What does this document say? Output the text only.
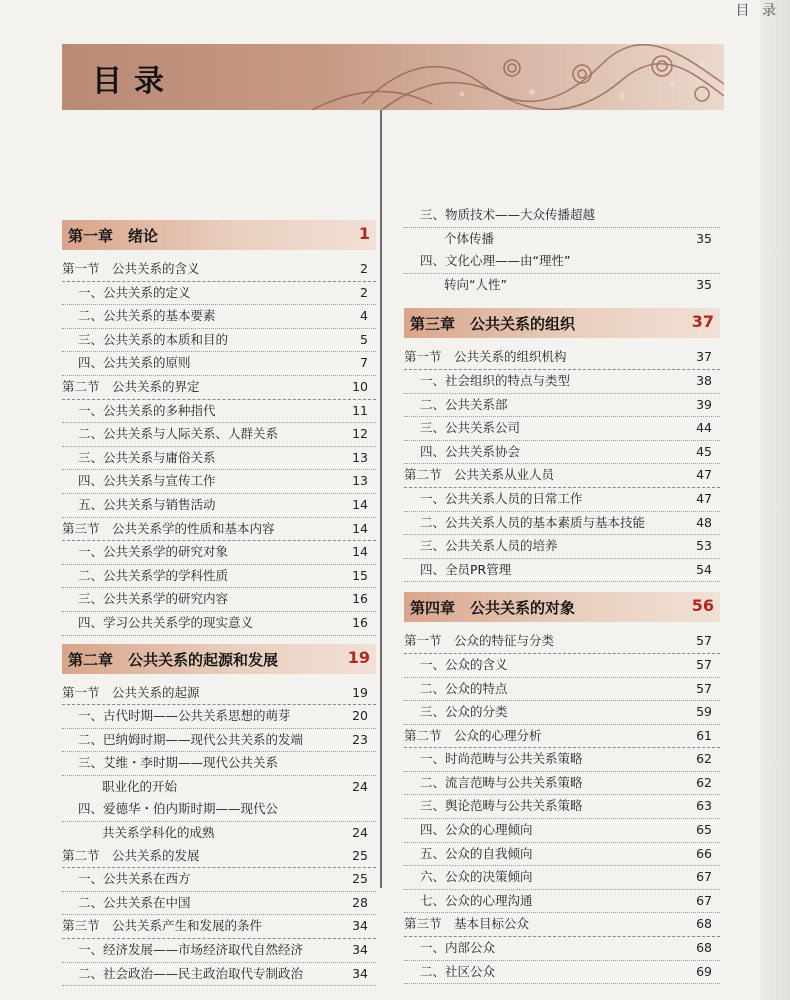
目 录
目录
第一章　绪论	1
第一节　公共关系的含义	2
一、公共关系的定义	2
二、公共关系的基本要素	4
三、公共关系的本质和目的	5
四、公共关系的原则	7
第二节　公共关系的界定	10
一、公共关系的多种指代	11
二、公共关系与人际关系、人群关系	12
三、公共关系与庸俗关系	13
四、公共关系与宣传工作	13
五、公共关系与销售活动	14
第三节　公共关系学的性质和基本内容	14
一、公共关系学的研究对象	14
二、公共关系学的学科性质	15
三、公共关系学的研究内容	16
四、学习公共关系学的现实意义	16
第二章　公共关系的起源和发展	19
第一节　公共关系的起源	19
一、古代时期——公共关系思想的萌芽	20
二、巴纳姆时期——现代公共关系的发端	23
三、艾维・李时期——现代公共关系
职业化的开始	24
四、爱德华・伯内斯时期——现代公
共关系学科化的成熟	24
第二节　公共关系的发展	25
一、公共关系在西方	25
二、公共关系在中国	28
第三节　公共关系产生和发展的条件	34
一、经济发展——市场经济取代自然经济	34
二、社会政治——民主政治取代专制政治	34
三、物质技术——大众传播超越
个体传播	35
四、文化心理——由“理性”
转向“人性”	35
第三章　公共关系的组织	37
第一节　公共关系的组织机构	37
一、社会组织的特点与类型	38
二、公共关系部	39
三、公共关系公司	44
四、公共关系协会	45
第二节　公共关系从业人员	47
一、公共关系人员的日常工作	47
二、公共关系人员的基本素质与基本技能	48
三、公共关系人员的培养	53
四、全员PR管理	54
第四章　公共关系的对象	56
第一节　公众的特征与分类	57
一、公众的含义	57
二、公众的特点	57
三、公众的分类	59
第二节　公众的心理分析	61
一、时尚范畴与公共关系策略	62
二、流言范畴与公共关系策略	62
三、舆论范畴与公共关系策略	63
四、公众的心理倾向	65
五、公众的自我倾向	66
六、公众的决策倾向	67
七、公众的心理沟通	67
第三节　基本目标公众	68
一、内部公众	68
二、社区公众	69
